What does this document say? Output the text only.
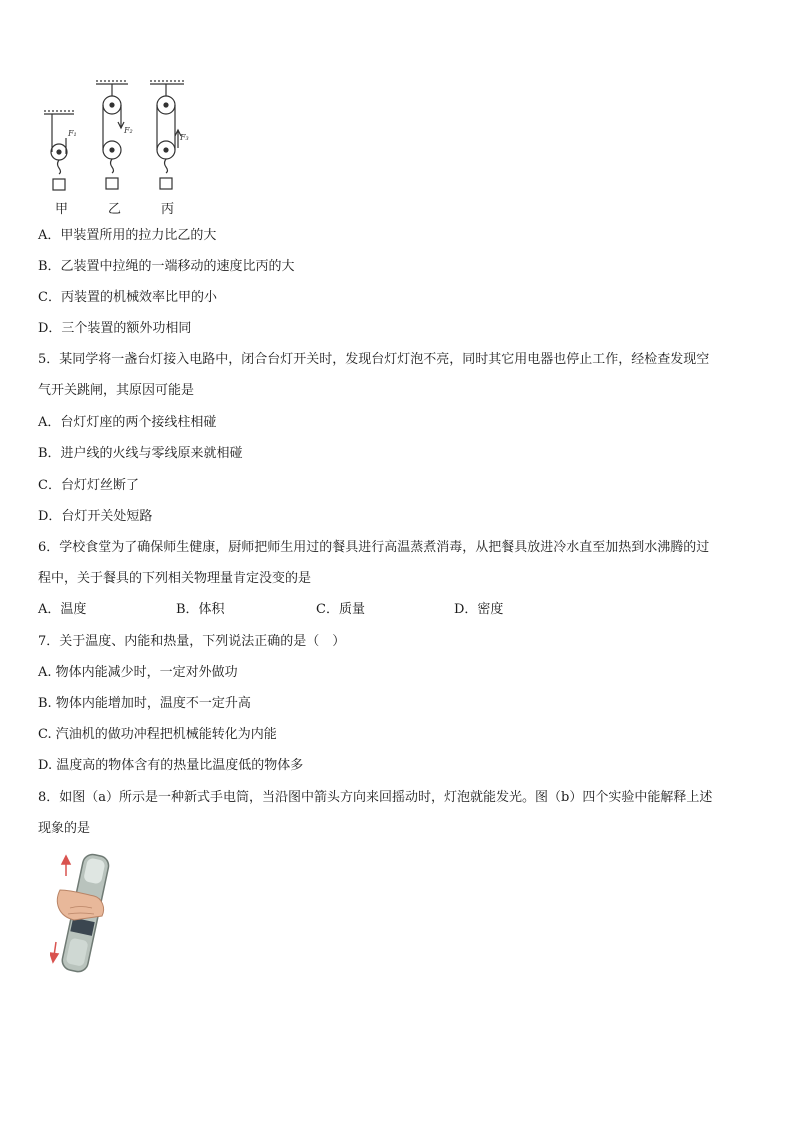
F₁	F₂
F₃
甲	乙	丙
A．甲装置所用的拉力比乙的大
B．乙装置中拉绳的一端移动的速度比丙的大
C．丙装置的机械效率比甲的小
D．三个装置的额外功相同
5．某同学将一盏台灯接入电路中，闭合台灯开关时，发现台灯灯泡不亮，同时其它用电器也停止工作，经检查发现空
气开关跳闸，其原因可能是
A．台灯灯座的两个接线柱相碰
B．进户线的火线与零线原来就相碰
C．台灯灯丝断了
D．台灯开关处短路
6．学校食堂为了确保师生健康，厨师把师生用过的餐具进行高温蒸煮消毒，从把餐具放进冷水直至加热到水沸腾的过
程中，关于餐具的下列相关物理量肯定没变的是
A．温度	B．体积	C．质量	D．密度
7．关于温度、内能和热量，下列说法正确的是（　）
A. 物体内能减少时，一定对外做功
B. 物体内能增加时，温度不一定升高
C. 汽油机的做功冲程把机械能转化为内能
D. 温度高的物体含有的热量比温度低的物体多
8．如图（a）所示是一种新式手电筒，当沿图中箭头方向来回摇动时，灯泡就能发光。图（b）四个实验中能解释上述
现象的是
